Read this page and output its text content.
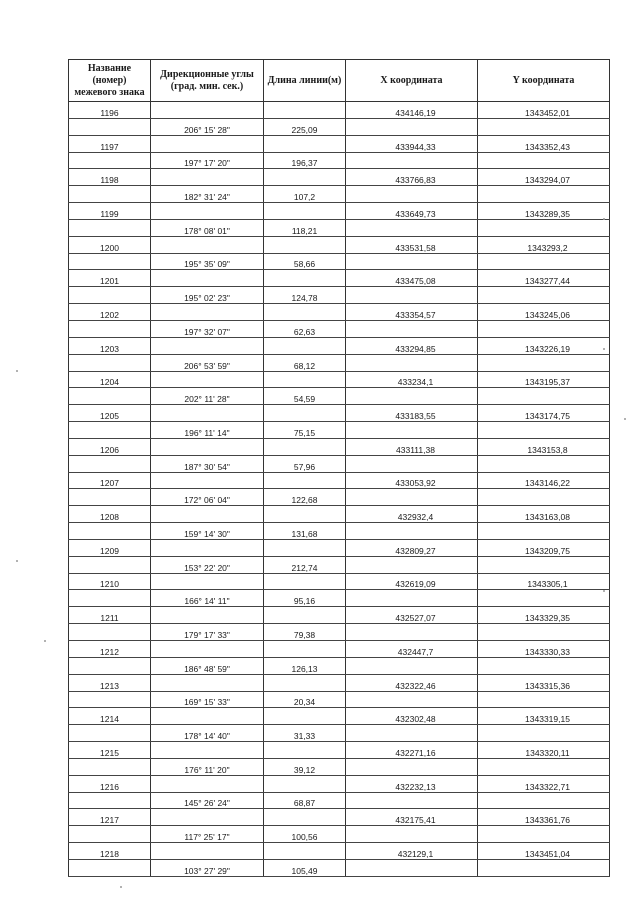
Название (номер) межевого знака	Дирекционные углы (град. мин. сек.)	Длина линии(м)	X координата	Y координата
1196			434146,19	1343452,01
	206° 15' 28"	225,09		
1197			433944,33	1343352,43
	197° 17' 20"	196,37		
1198			433766,83	1343294,07
	182° 31' 24"	107,2		
1199			433649,73	1343289,35
	178° 08' 01"	118,21		
1200			433531,58	1343293,2
	195° 35' 09"	58,66		
1201			433475,08	1343277,44
	195° 02' 23"	124,78		
1202			433354,57	1343245,06
	197° 32' 07"	62,63		
1203			433294,85	1343226,19
	206° 53' 59"	68,12		
1204			433234,1	1343195,37
	202° 11' 28"	54,59		
1205			433183,55	1343174,75
	196° 11' 14"	75,15		
1206			433111,38	1343153,8
	187° 30' 54"	57,96		
1207			433053,92	1343146,22
	172° 06' 04"	122,68		
1208			432932,4	1343163,08
	159° 14' 30"	131,68		
1209			432809,27	1343209,75
	153° 22' 20"	212,74		
1210			432619,09	1343305,1
	166° 14' 11"	95,16		
1211			432527,07	1343329,35
	179° 17' 33"	79,38		
1212			432447,7	1343330,33
	186° 48' 59"	126,13		
1213			432322,46	1343315,36
	169° 15' 33"	20,34		
1214			432302,48	1343319,15
	178° 14' 40"	31,33		
1215			432271,16	1343320,11
	176° 11' 20"	39,12		
1216			432232,13	1343322,71
	145° 26' 24"	68,87		
1217			432175,41	1343361,76
	117° 25' 17"	100,56		
1218			432129,1	1343451,04
	103° 27' 29"	105,49		
